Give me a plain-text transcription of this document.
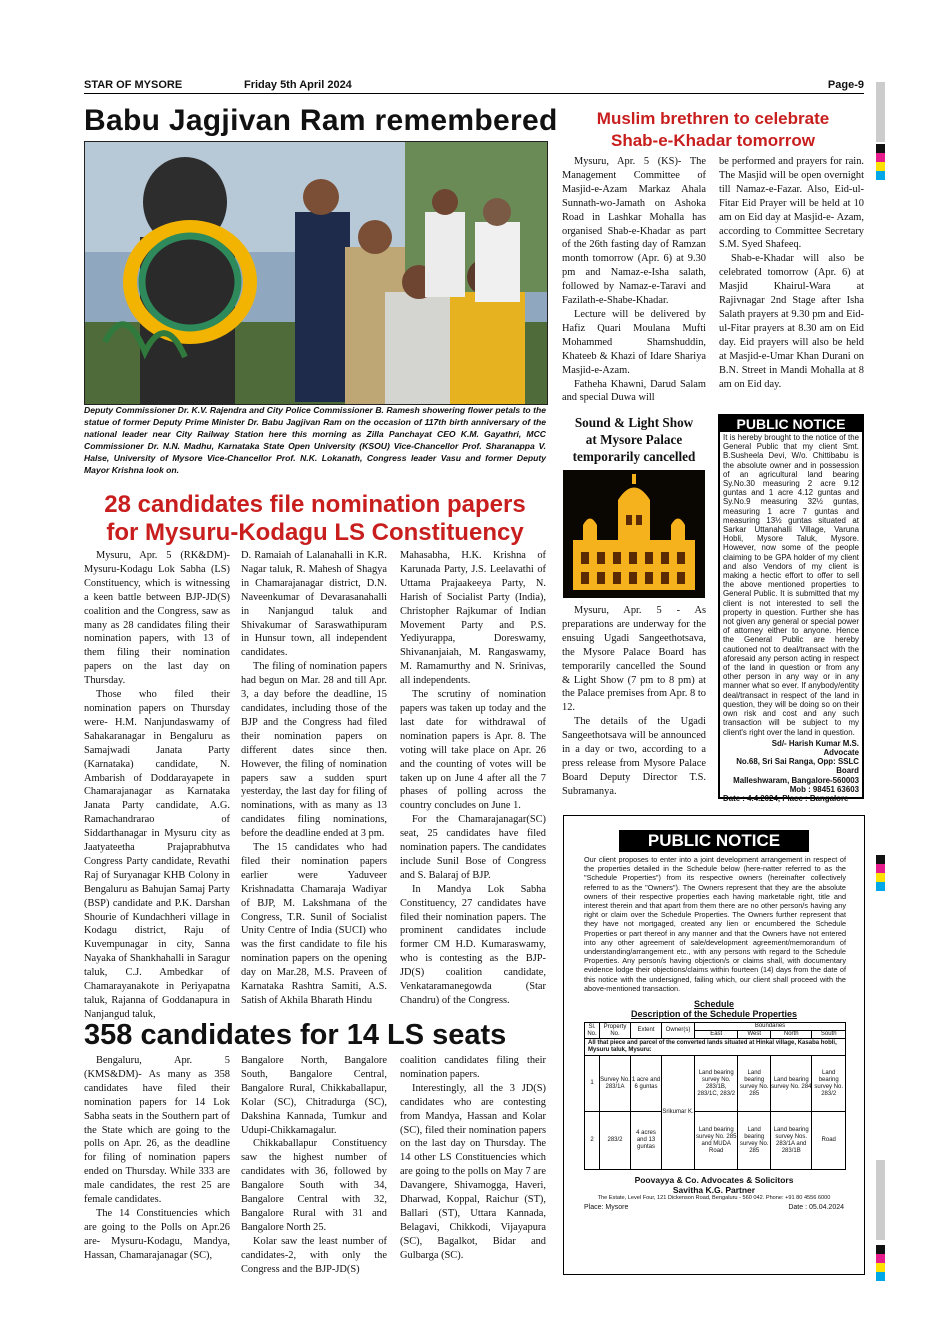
STAR OF MYSORE	Friday 5th April 2024	Page-9
Babu Jagjivan Ram remembered
Deputy Commissioner Dr. K.V. Rajendra and City Police Commissioner B. Ramesh showering flower petals to the statue of former Deputy Prime Minister Dr. Babu Jagjivan Ram on the occasion of 117th birth anniversary of the national leader near City Railway Station here this morning as Zilla Panchayat CEO K.M. Gayathri, MCC Commissioner Dr. N.N. Madhu, Karnataka State Open University (KSOU) Vice-Chancellor Prof. Sharanappa V. Halse, University of Mysore Vice-Chancellor Prof. N.K. Lokanath, Congress leader Vasu and former Deputy Mayor Krishna look on.
28 candidates file nomination papers
for Mysuru-Kodagu LS Constituency

Mysuru, Apr. 5 (RK&DM)- Mysuru-Kodagu Lok Sabha (LS) Constituency, which is witnessing a keen battle between BJP-JD(S) coalition and the Congress, saw as many as 28 candidates filing their nomination papers, with 13 of them filing their nomination papers on the last day on Thursday.

Those who filed their nomination papers on Thursday were- H.M. Nanjundaswamy of Sahakaranagar in Bengaluru as Samajwadi Janata Party (Karnataka) candidate, N. Ambarish of Doddarayapete in Chamarajanagar as Karnataka Janata Party candidate, A.G. Ramachandrarao of Siddarthanagar in Mysuru city as Jaatyateetha Prajaprabhutva Congress Party candidate, Revathi Raj of Suryanagar KHB Colony in Bengaluru as Bahujan Samaj Party (BSP) candidate and P.K. Darshan Shourie of Kundachheri village in Kodagu district, Raju of Kuvempunagar in city, Sanna Nayaka of Shankhahalli in Saragur taluk, C.J. Ambedkar of Chamarayanakote in Periyapatna taluk, Rajanna of Goddanapura in Nanjangud taluk,

D. Ramaiah of Lalanahalli in K.R. Nagar taluk, R. Mahesh of Shagya in Chamarajanagar district, D.N. Naveenkumar of Devarasanahalli in Nanjangud taluk and Shivakumar of Saraswathipuram in Hunsur town, all independent candidates.

The filing of nomination papers had begun on Mar. 28 and till Apr. 3, a day before the deadline, 15 candidates, including those of the BJP and the Congress had filed their nomination papers on different dates since then. However, the filing of nomination papers saw a sudden spurt yesterday, the last day for filing of nominations, with as many as 13 candidates filing nominations, before the deadline ended at 3 pm.

The 15 candidates who had filed their nomination papers earlier were Yaduveer Krishnadatta Chamaraja Wadiyar of BJP, M. Lakshmana of the Congress, T.R. Sunil of Socialist Unity Centre of India (SUCI) who was the first candidate to file his nomination papers on the opening day on Mar.28, M.S. Praveen of Karnataka Rashtra Samiti, A.S. Satish of Akhila Bharath Hindu

Mahasabha, H.K. Krishna of Karunada Party, J.S. Leelavathi of Uttama Prajaakeeya Party, N. Harish of Socialist Party (India), Christopher Rajkumar of Indian Movement Party and P.S. Yediyurappa, Doreswamy, Shivananjaiah, M. Rangaswamy, M. Ramamurthy and N. Srinivas, all independents.

The scrutiny of nomination papers was taken up today and the last date for withdrawal of nomination papers is Apr. 8. The voting will take place on Apr. 26 and the counting of votes will be taken up on June 4 after all the 7 phases of polling across the country concludes on June 1.

For the Chamarajanagar(SC) seat, 25 candidates have filed nomination papers. The candidates include Sunil Bose of Congress and S. Balaraj of BJP.

In Mandya Lok Sabha Constituency, 27 candidates have filed their nomination papers. The prominent candidates include former CM H.D. Kumaraswamy, who is contesting as the BJP-JD(S) coalition candidate, Venkataramanegowda (Star Chandru) of the Congress.

358 candidates for 14 LS seats

Bengaluru, Apr. 5 (KMS&DM)- As many as 358 candidates have filed their nomination papers for 14 Lok Sabha seats in the Southern part of the State which are going to the polls on Apr. 26, as the deadline for filing of nomination papers ended on Thursday. While 333 are male candidates, the rest 25 are female candidates.

The 14 Constituencies which are going to the Polls on Apr.26 are- Mysuru-Kodagu, Mandya, Hassan, Chamarajanagar (SC),

Bangalore North, Bangalore South, Bangalore Central, Bangalore Rural, Chikkaballapur, Kolar (SC), Chitradurga (SC), Dakshina Kannada, Tumkur and Udupi-Chikkamagalur.

Chikkaballapur Constituency saw the highest number of candidates with 36, followed by Bangalore South with 34, Bangalore Central with 32, Bangalore Rural with 31 and Bangalore North 25.

Kolar saw the least number of candidates-2, with only the Congress and the BJP-JD(S)

coalition candidates filing their nomination papers.

Interestingly, all the 3 JD(S) candidates who are contesting from Mandya, Hassan and Kolar (SC), filed their nomination papers on the last day on Thursday. The 14 other LS Constituencies which are going to the polls on May 7 are Davangere, Shivamogga, Haveri, Dharwad, Koppal, Raichur (ST), Ballari (ST), Uttara Kannada, Belagavi, Chikkodi, Vijayapura (SC), Bagalkot, Bidar and Gulbarga (SC).

Muslim brethren to celebrate
Shab-e-Khadar tomorrow

Mysuru, Apr. 5 (KS)- The Management Committee of Masjid-e-Azam Markaz Ahala Sunnath-wo-Jamath on Ashoka Road in Lashkar Mohalla has organised Shab-e-Khadar as part of the 26th fasting day of Ramzan month tomorrow (Apr. 6) at 9.30 pm and Namaz-e-Isha salath, followed by Namaz-e-Taravi and Fazilath-e-Shabe-Khadar.

Lecture will be delivered by Hafiz Quari Moulana Mufti Mohammed Shamshuddin, Khateeb & Khazi of Idare Shariya Masjid-e-Azam.

Fatheha Khawni, Darud Salam and special Duwa will

be performed and prayers for rain. The Masjid will be open overnight till Namaz-e-Fazar. Also, Eid-ul-Fitar Eid Prayer will be held at 10 am on Eid day at Masjid-e- Azam, according to Committee Secretary S.M. Syed Shafeeq.

Shab-e-Khadar will also be celebrated tomorrow (Apr. 6) at Masjid Khairul-Wara at Rajivnagar 2nd Stage after Isha Salath prayers at 9.30 pm and Eid-ul-Fitar prayers at 8.30 am on Eid day. Eid prayers will also be held at Masjid-e-Umar Khan Durani on B.N. Street in Mandi Mohalla at 8 am on Eid day.

Sound & Light Show
at Mysore Palace
temporarily cancelled

Mysuru, Apr. 5 - As preparations are underway for the ensuing Ugadi Sangeethotsava, the Mysore Palace Board has temporarily cancelled the Sound & Light Show (7 pm to 8 pm) at the Palace premises from Apr. 8 to 12.

The details of the Ugadi Sangeethotsava will be announced in a day or two, according to a press release from Mysore Palace Board Deputy Director T.S. Subramanya.

PUBLIC NOTICE
It is hereby brought to the notice of the General Public that my client Smt. B.Susheela Devi, W/o. Chittibabu is the absolute owner and in possession of an agricultural land bearing Sy.No.30 measuring 2 acre 9.12 guntas and 1 acre 4.12 guntas and Sy.No.9 measuring 32½ guntas, measuring 1 acre 7 guntas and measuring 13½ guntas situated at Sarkar Uttanahalli Village, Varuna Hobli, Mysore Taluk, Mysore. However, now some of the people claiming to be GPA holder of my client and also Vendors of my client is making a hectic effort to offer to sell the above mentioned properties to General Public. It is submitted that my client is not interested to sell the property in question. Further she has not given any general or special power of attorney either to anyone. Hence the General Public are hereby cautioned not to deal/transact with the aforesaid any person acting in respect of the land in question or from any other person in any way or in any manner what so ever. If anybody/entity deal/transact in respect of the land in question, they will be doing so on their own risk and cost and any such transaction will be subject to my client's right over the land in question.
Sd/- Harish Kumar M.S.
Advocate
No.68, Sri Sai Ranga, Opp: SSLC Board
Malleshwaram, Bangalore-560003
Mob : 98451 63603
Date : 4.4.2024, Place : Bangalore
PUBLIC NOTICE
Our client proposes to enter into a joint development arrangement in respect of the properties detailed in the Schedule below (here-natter referred to as the "Schedule Properties") from its respective owners (hereinafter collectively referred to as the "Owners"). The Owners represent that they are the absolute owners of their respective properties each having marketable right, title and interest therein and that apart from them there are no other person/s having any right or claim over the Schedule Properties. The Owners further represent that they have not mortgaged, created any lien or encumbered the Schedule Properties or part thereof in any manner and that the Owners have not entered into any other agreement of sale/development agreement/memorandum of understanding/arrangement etc., with any persons with regard to the Schedule Properties. Any person/s having objection/s or claims shall, with documentary evidence lodge their objections/claims within fourteen (14) days from the date of this notice with the undersigned, failing which, our client shall proceed with the above-mentioned transaction.
Schedule
Description of the Schedule Properties
Sl. No.	Property No.	Extent	Owner(s)	Boundaries			
				East	West	North	South
All that piece and parcel of the converted lands situated at Hinkal village, Kasaba hobli, Mysuru taluk, Mysuru:							
1	Survey No. 283/1A	1 acre and 6 guntas	Srikumar K.	Land bearing survey No. 283/1B, 283/1C, 283/2	Land bearing survey No. 285	Land bearing survey No. 284	Land bearing survey No. 283/2
2	283/2	4 acres and 13 guntas		Land bearing survey No. 285 and MUDA Road	Land bearing survey No. 285	Land bearing survey Nos. 283/1A and 283/1B	Road
Poovayya & Co. Advocates & Solicitors
Savitha K.G. Partner
The Estate, Level Four, 121 Dickenson Road, Bengaluru - 560 042. Phone: +91 80 4556 6000
Place: Mysore	Date : 05.04.2024
